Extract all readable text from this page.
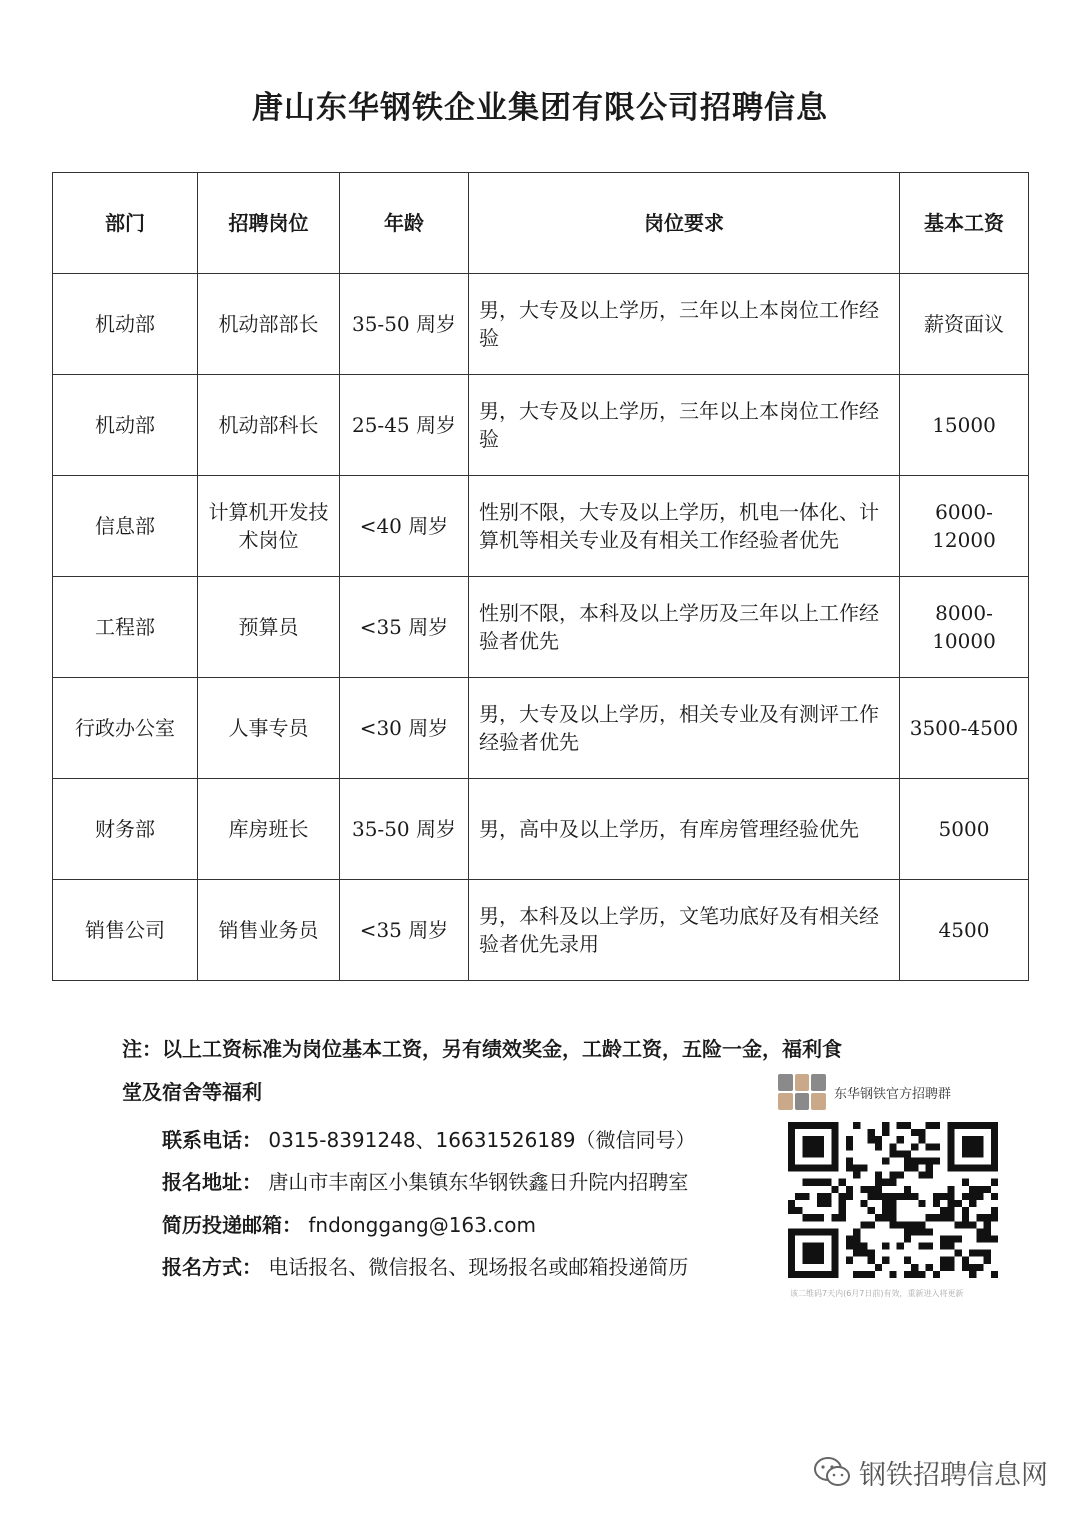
唐山东华钢铁企业集团有限公司招聘信息
部门	招聘岗位	年龄	岗位要求	基本工资
机动部	机动部部长	35-50 周岁	男，大专及以上学历，三年以上本岗位工作经验	薪资面议
机动部	机动部科长	25-45 周岁	男，大专及以上学历，三年以上本岗位工作经验	15000
信息部	计算机开发技术岗位	<40 周岁	性别不限，大专及以上学历，机电一体化、计算机等相关专业及有相关工作经验者优先	6000-12000
工程部	预算员	<35 周岁	性别不限，本科及以上学历及三年以上工作经验者优先	8000-10000
行政办公室	人事专员	<30 周岁	男，大专及以上学历，相关专业及有测评工作经验者优先	3500-4500
财务部	库房班长	35-50 周岁	男，高中及以上学历，有库房管理经验优先	5000
销售公司	销售业务员	<35 周岁	男，本科及以上学历，文笔功底好及有相关经验者优先录用	4500
注：以上工资标准为岗位基本工资，另有绩效奖金，工龄工资，五险一金，福利食
堂及宿舍等福利
联系电话： 0315-8391248、16631526189（微信同号）
报名地址： 唐山市丰南区小集镇东华钢铁鑫日升院内招聘室
简历投递邮箱： fndonggang@163.com
报名方式： 电话报名、微信报名、现场报名或邮箱投递简历
东华钢铁官方招聘群
该二维码7天内(6月7日前)有效，重新进入将更新
钢铁招聘信息网
